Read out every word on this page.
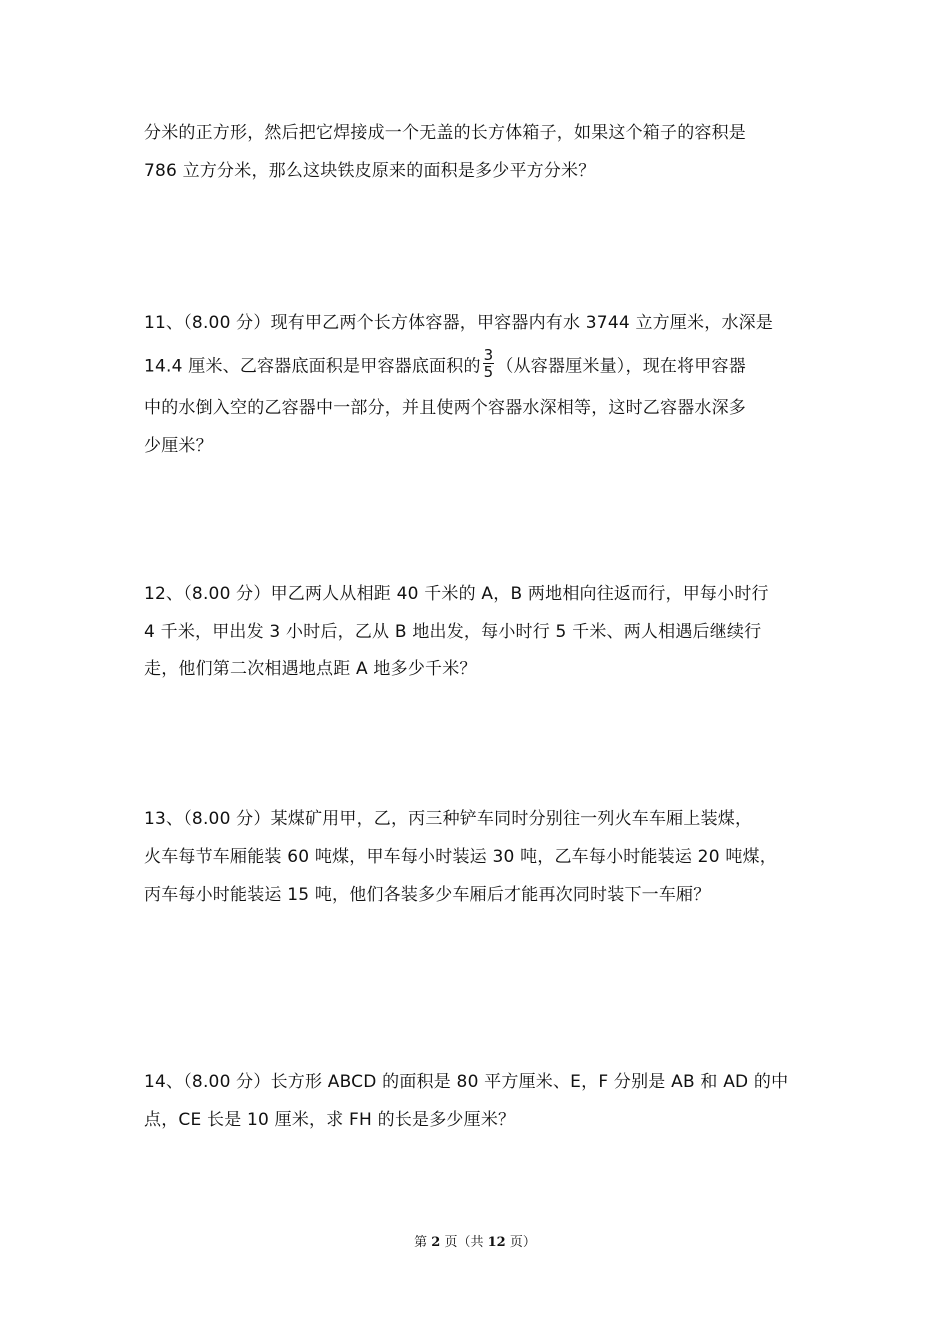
分米的正方形，然后把它焊接成一个无盖的长方体箱子，如果这个箱子的容积是
786 立方分米，那么这块铁皮原来的面积是多少平方分米？
11、（8.00 分）现有甲乙两个长方体容器，甲容器内有水 3744 立方厘米，水深是
14.4 厘米、乙容器底面积是甲容器底面积的 $\frac{3}{5}$ （从容器厘米量），现在将甲容器
中的水倒入空的乙容器中一部分，并且使两个容器水深相等，这时乙容器水深多
少厘米？
12、（8.00 分）甲乙两人从相距 40 千米的 A，B 两地相向往返而行，甲每小时行
4 千米，甲出发 3 小时后，乙从 B 地出发，每小时行 5 千米、两人相遇后继续行
走，他们第二次相遇地点距 A 地多少千米？
13、（8.00 分）某煤矿用甲，乙，丙三种铲车同时分别往一列火车车厢上装煤，
火车每节车厢能装 60 吨煤，甲车每小时装运 30 吨，乙车每小时能装运 20 吨煤，
丙车每小时能装运 15 吨，他们各装多少车厢后才能再次同时装下一车厢？
14、（8.00 分）长方形 ABCD 的面积是 80 平方厘米、E，F 分别是 AB 和 AD 的中
点，CE 长是 10 厘米，求 FH 的长是多少厘米？
第 2 页（共 12 页）
